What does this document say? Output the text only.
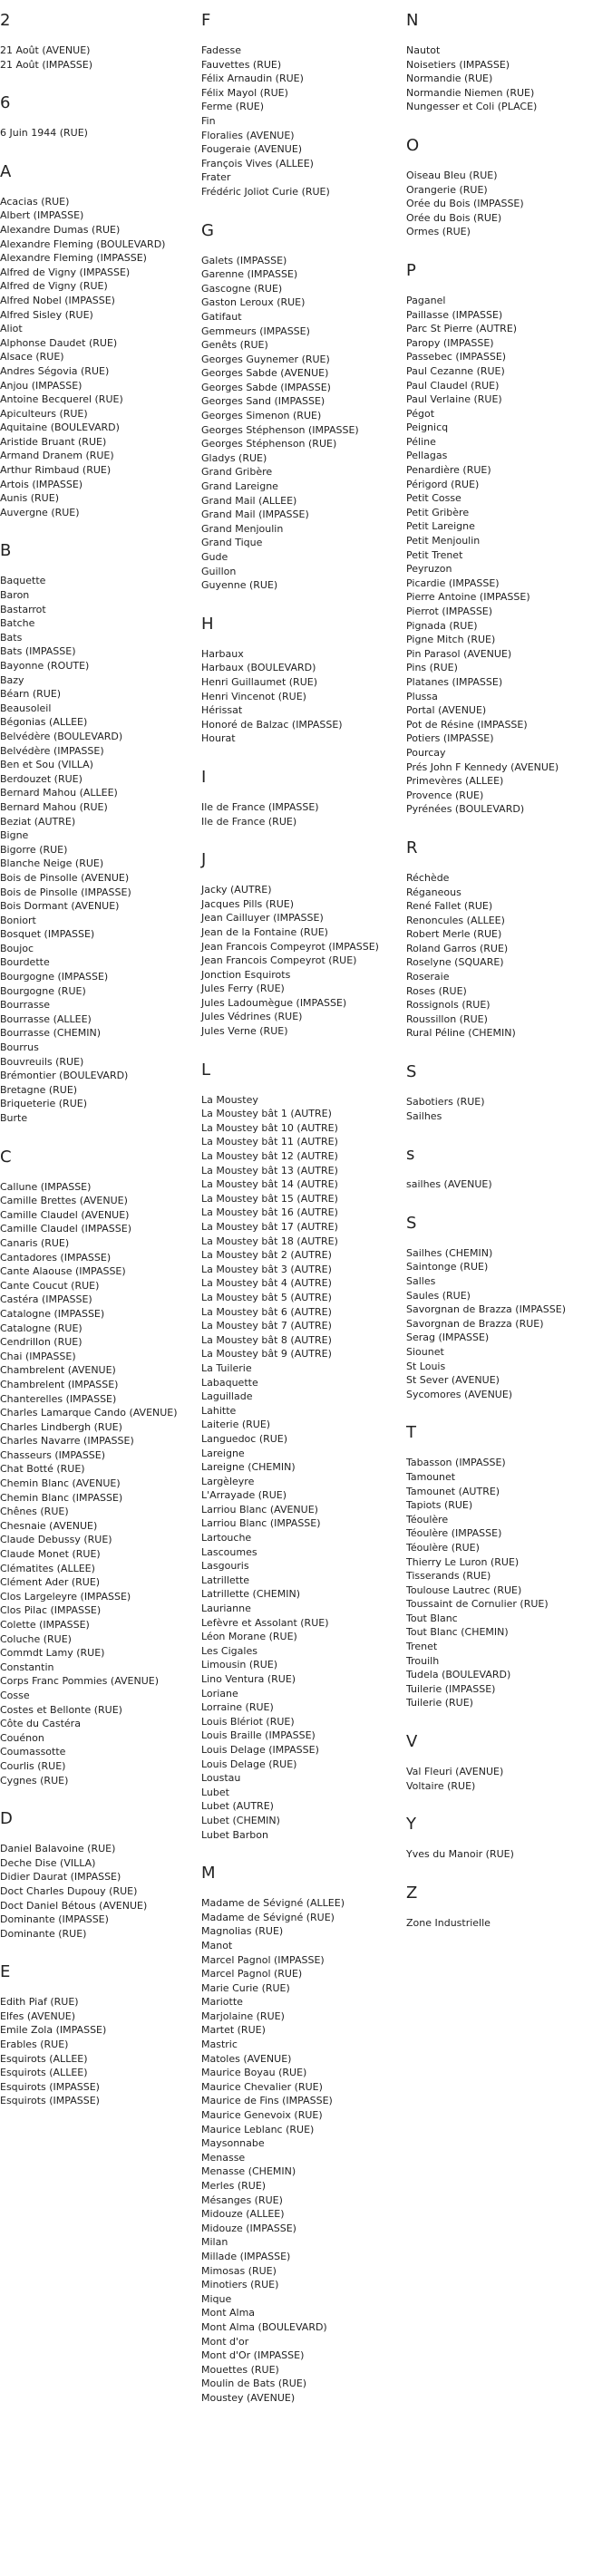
2
21 Août (AVENUE)
21 Août (IMPASSE)
6
6 Juin 1944 (RUE)
A
Acacias (RUE)
Albert (IMPASSE)
Alexandre Dumas (RUE)
Alexandre Fleming (BOULEVARD)
Alexandre Fleming (IMPASSE)
Alfred de Vigny (IMPASSE)
Alfred de Vigny (RUE)
Alfred Nobel (IMPASSE)
Alfred Sisley (RUE)
Aliot
Alphonse Daudet (RUE)
Alsace (RUE)
Andres Ségovia (RUE)
Anjou (IMPASSE)
Antoine Becquerel (RUE)
Apiculteurs (RUE)
Aquitaine (BOULEVARD)
Aristide Bruant (RUE)
Armand Dranem (RUE)
Arthur Rimbaud (RUE)
Artois (IMPASSE)
Aunis (RUE)
Auvergne (RUE)
B
Baquette
Baron
Bastarrot
Batche
Bats
Bats (IMPASSE)
Bayonne (ROUTE)
Bazy
Béarn (RUE)
Beausoleil
Bégonias (ALLEE)
Belvédère (BOULEVARD)
Belvédère (IMPASSE)
Ben et Sou (VILLA)
Berdouzet (RUE)
Bernard Mahou (ALLEE)
Bernard Mahou (RUE)
Beziat (AUTRE)
Bigne
Bigorre (RUE)
Blanche Neige (RUE)
Bois de Pinsolle (AVENUE)
Bois de Pinsolle (IMPASSE)
Bois Dormant (AVENUE)
Boniort
Bosquet (IMPASSE)
Boujoc
Bourdette
Bourgogne (IMPASSE)
Bourgogne (RUE)
Bourrasse
Bourrasse (ALLEE)
Bourrasse (CHEMIN)
Bourrus
Bouvreuils (RUE)
Brémontier (BOULEVARD)
Bretagne (RUE)
Briqueterie (RUE)
Burte
C
Callune (IMPASSE)
Camille Brettes (AVENUE)
Camille Claudel (AVENUE)
Camille Claudel (IMPASSE)
Canaris (RUE)
Cantadores (IMPASSE)
Cante Alaouse (IMPASSE)
Cante Coucut (RUE)
Castéra (IMPASSE)
Catalogne (IMPASSE)
Catalogne (RUE)
Cendrillon (RUE)
Chai (IMPASSE)
Chambrelent (AVENUE)
Chambrelent (IMPASSE)
Chanterelles (IMPASSE)
Charles Lamarque Cando (AVENUE)
Charles Lindbergh (RUE)
Charles Navarre (IMPASSE)
Chasseurs (IMPASSE)
Chat Botté (RUE)
Chemin Blanc (AVENUE)
Chemin Blanc (IMPASSE)
Chênes (RUE)
Chesnaie (AVENUE)
Claude Debussy (RUE)
Claude Monet (RUE)
Clématites (ALLEE)
Clément Ader (RUE)
Clos Largeleyre (IMPASSE)
Clos Pilac (IMPASSE)
Colette (IMPASSE)
Coluche (RUE)
Commdt Lamy (RUE)
Constantin
Corps Franc Pommies (AVENUE)
Cosse
Costes et Bellonte (RUE)
Côte du Castéra
Couénon
Coumassotte
Courlis (RUE)
Cygnes (RUE)
D
Daniel Balavoine (RUE)
Deche Dise (VILLA)
Didier Daurat (IMPASSE)
Doct Charles Dupouy (RUE)
Doct Daniel Bétous (AVENUE)
Dominante (IMPASSE)
Dominante (RUE)
E
Edith Piaf (RUE)
Elfes (AVENUE)
Emile Zola (IMPASSE)
Erables (RUE)
Esquirots (ALLEE)
Esquirots (ALLEE)
Esquirots (IMPASSE)
Esquirots (IMPASSE)
F
Fadesse
Fauvettes (RUE)
Félix Arnaudin (RUE)
Félix Mayol (RUE)
Ferme (RUE)
Fin
Floralies (AVENUE)
Fougeraie (AVENUE)
François Vives (ALLEE)
Frater
Frédéric Joliot Curie (RUE)
G
Galets (IMPASSE)
Garenne (IMPASSE)
Gascogne (RUE)
Gaston Leroux (RUE)
Gatifaut
Gemmeurs (IMPASSE)
Genêts (RUE)
Georges Guynemer (RUE)
Georges Sabde (AVENUE)
Georges Sabde (IMPASSE)
Georges Sand (IMPASSE)
Georges Simenon (RUE)
Georges Stéphenson (IMPASSE)
Georges Stéphenson (RUE)
Gladys (RUE)
Grand Gribère
Grand Lareigne
Grand Mail (ALLEE)
Grand Mail (IMPASSE)
Grand Menjoulin
Grand Tique
Gude
Guillon
Guyenne (RUE)
H
Harbaux
Harbaux (BOULEVARD)
Henri Guillaumet (RUE)
Henri Vincenot (RUE)
Hérissat
Honoré de Balzac (IMPASSE)
Hourat
I
Ile de France (IMPASSE)
Ile de France (RUE)
J
Jacky (AUTRE)
Jacques Pills (RUE)
Jean Cailluyer (IMPASSE)
Jean de la Fontaine (RUE)
Jean Francois Compeyrot (IMPASSE)
Jean Francois Compeyrot (RUE)
Jonction Esquirots
Jules Ferry (RUE)
Jules Ladoumègue (IMPASSE)
Jules Védrines (RUE)
Jules Verne (RUE)
L
La Moustey
La Moustey bât 1 (AUTRE)
La Moustey bât 10 (AUTRE)
La Moustey bât 11 (AUTRE)
La Moustey bât 12 (AUTRE)
La Moustey bât 13 (AUTRE)
La Moustey bât 14 (AUTRE)
La Moustey bât 15 (AUTRE)
La Moustey bât 16 (AUTRE)
La Moustey bât 17 (AUTRE)
La Moustey bât 18 (AUTRE)
La Moustey bât 2 (AUTRE)
La Moustey bât 3 (AUTRE)
La Moustey bât 4 (AUTRE)
La Moustey bât 5 (AUTRE)
La Moustey bât 6 (AUTRE)
La Moustey bât 7 (AUTRE)
La Moustey bât 8 (AUTRE)
La Moustey bât 9 (AUTRE)
La Tuilerie
Labaquette
Laguillade
Lahitte
Laiterie (RUE)
Languedoc (RUE)
Lareigne
Lareigne (CHEMIN)
Largèleyre
L'Arrayade (RUE)
Larriou Blanc (AVENUE)
Larriou Blanc (IMPASSE)
Lartouche
Lascoumes
Lasgouris
Latrillette
Latrillette (CHEMIN)
Laurianne
Lefèvre et Assolant (RUE)
Léon Morane (RUE)
Les Cigales
Limousin (RUE)
Lino Ventura (RUE)
Loriane
Lorraine (RUE)
Louis Blériot (RUE)
Louis Braille (IMPASSE)
Louis Delage (IMPASSE)
Louis Delage (RUE)
Loustau
Lubet
Lubet (AUTRE)
Lubet (CHEMIN)
Lubet Barbon
M
Madame de Sévigné (ALLEE)
Madame de Sévigné (RUE)
Magnolias (RUE)
Manot
Marcel Pagnol (IMPASSE)
Marcel Pagnol (RUE)
Marie Curie (RUE)
Mariotte
Marjolaine (RUE)
Martet (RUE)
Mastric
Matoles (AVENUE)
Maurice Boyau (RUE)
Maurice Chevalier (RUE)
Maurice de Fins (IMPASSE)
Maurice Genevoix (RUE)
Maurice Leblanc (RUE)
Maysonnabe
Menasse
Menasse (CHEMIN)
Merles (RUE)
Mésanges (RUE)
Midouze (ALLEE)
Midouze (IMPASSE)
Milan
Millade (IMPASSE)
Mimosas (RUE)
Minotiers (RUE)
Mique
Mont Alma
Mont Alma (BOULEVARD)
Mont d'or
Mont d'Or (IMPASSE)
Mouettes (RUE)
Moulin de Bats (RUE)
Moustey (AVENUE)
N
Nautot
Noisetiers (IMPASSE)
Normandie (RUE)
Normandie Niemen (RUE)
Nungesser et Coli (PLACE)
O
Oiseau Bleu (RUE)
Orangerie (RUE)
Orée du Bois (IMPASSE)
Orée du Bois (RUE)
Ormes (RUE)
P
Paganel
Paillasse (IMPASSE)
Parc St Pierre (AUTRE)
Paropy (IMPASSE)
Passebec (IMPASSE)
Paul Cezanne (RUE)
Paul Claudel (RUE)
Paul Verlaine (RUE)
Pégot
Peignicq
Péline
Pellagas
Penardière (RUE)
Périgord (RUE)
Petit Cosse
Petit Gribère
Petit Lareigne
Petit Menjoulin
Petit Trenet
Peyruzon
Picardie (IMPASSE)
Pierre Antoine (IMPASSE)
Pierrot (IMPASSE)
Pignada (RUE)
Pigne Mitch (RUE)
Pin Parasol (AVENUE)
Pins (RUE)
Platanes (IMPASSE)
Plussa
Portal (AVENUE)
Pot de Résine (IMPASSE)
Potiers (IMPASSE)
Pourcay
Prés John F Kennedy (AVENUE)
Primevères (ALLEE)
Provence (RUE)
Pyrénées (BOULEVARD)
R
Réchède
Réganeous
René Fallet (RUE)
Renoncules (ALLEE)
Robert Merle (RUE)
Roland Garros (RUE)
Roselyne (SQUARE)
Roseraie
Roses (RUE)
Rossignols (RUE)
Roussillon (RUE)
Rural Péline (CHEMIN)
S
Sabotiers (RUE)
Sailhes
s
sailhes (AVENUE)
S
Sailhes (CHEMIN)
Saintonge (RUE)
Salles
Saules (RUE)
Savorgnan de Brazza (IMPASSE)
Savorgnan de Brazza (RUE)
Serag (IMPASSE)
Siounet
St Louis
St Sever (AVENUE)
Sycomores (AVENUE)
T
Tabasson (IMPASSE)
Tamounet
Tamounet (AUTRE)
Tapiots (RUE)
Téoulère
Téoulère (IMPASSE)
Téoulère (RUE)
Thierry Le Luron (RUE)
Tisserands (RUE)
Toulouse Lautrec (RUE)
Toussaint de Cornulier (RUE)
Tout Blanc
Tout Blanc (CHEMIN)
Trenet
Trouilh
Tudela (BOULEVARD)
Tuilerie (IMPASSE)
Tuilerie (RUE)
V
Val Fleuri (AVENUE)
Voltaire (RUE)
Y
Yves du Manoir (RUE)
Z
Zone Industrielle
